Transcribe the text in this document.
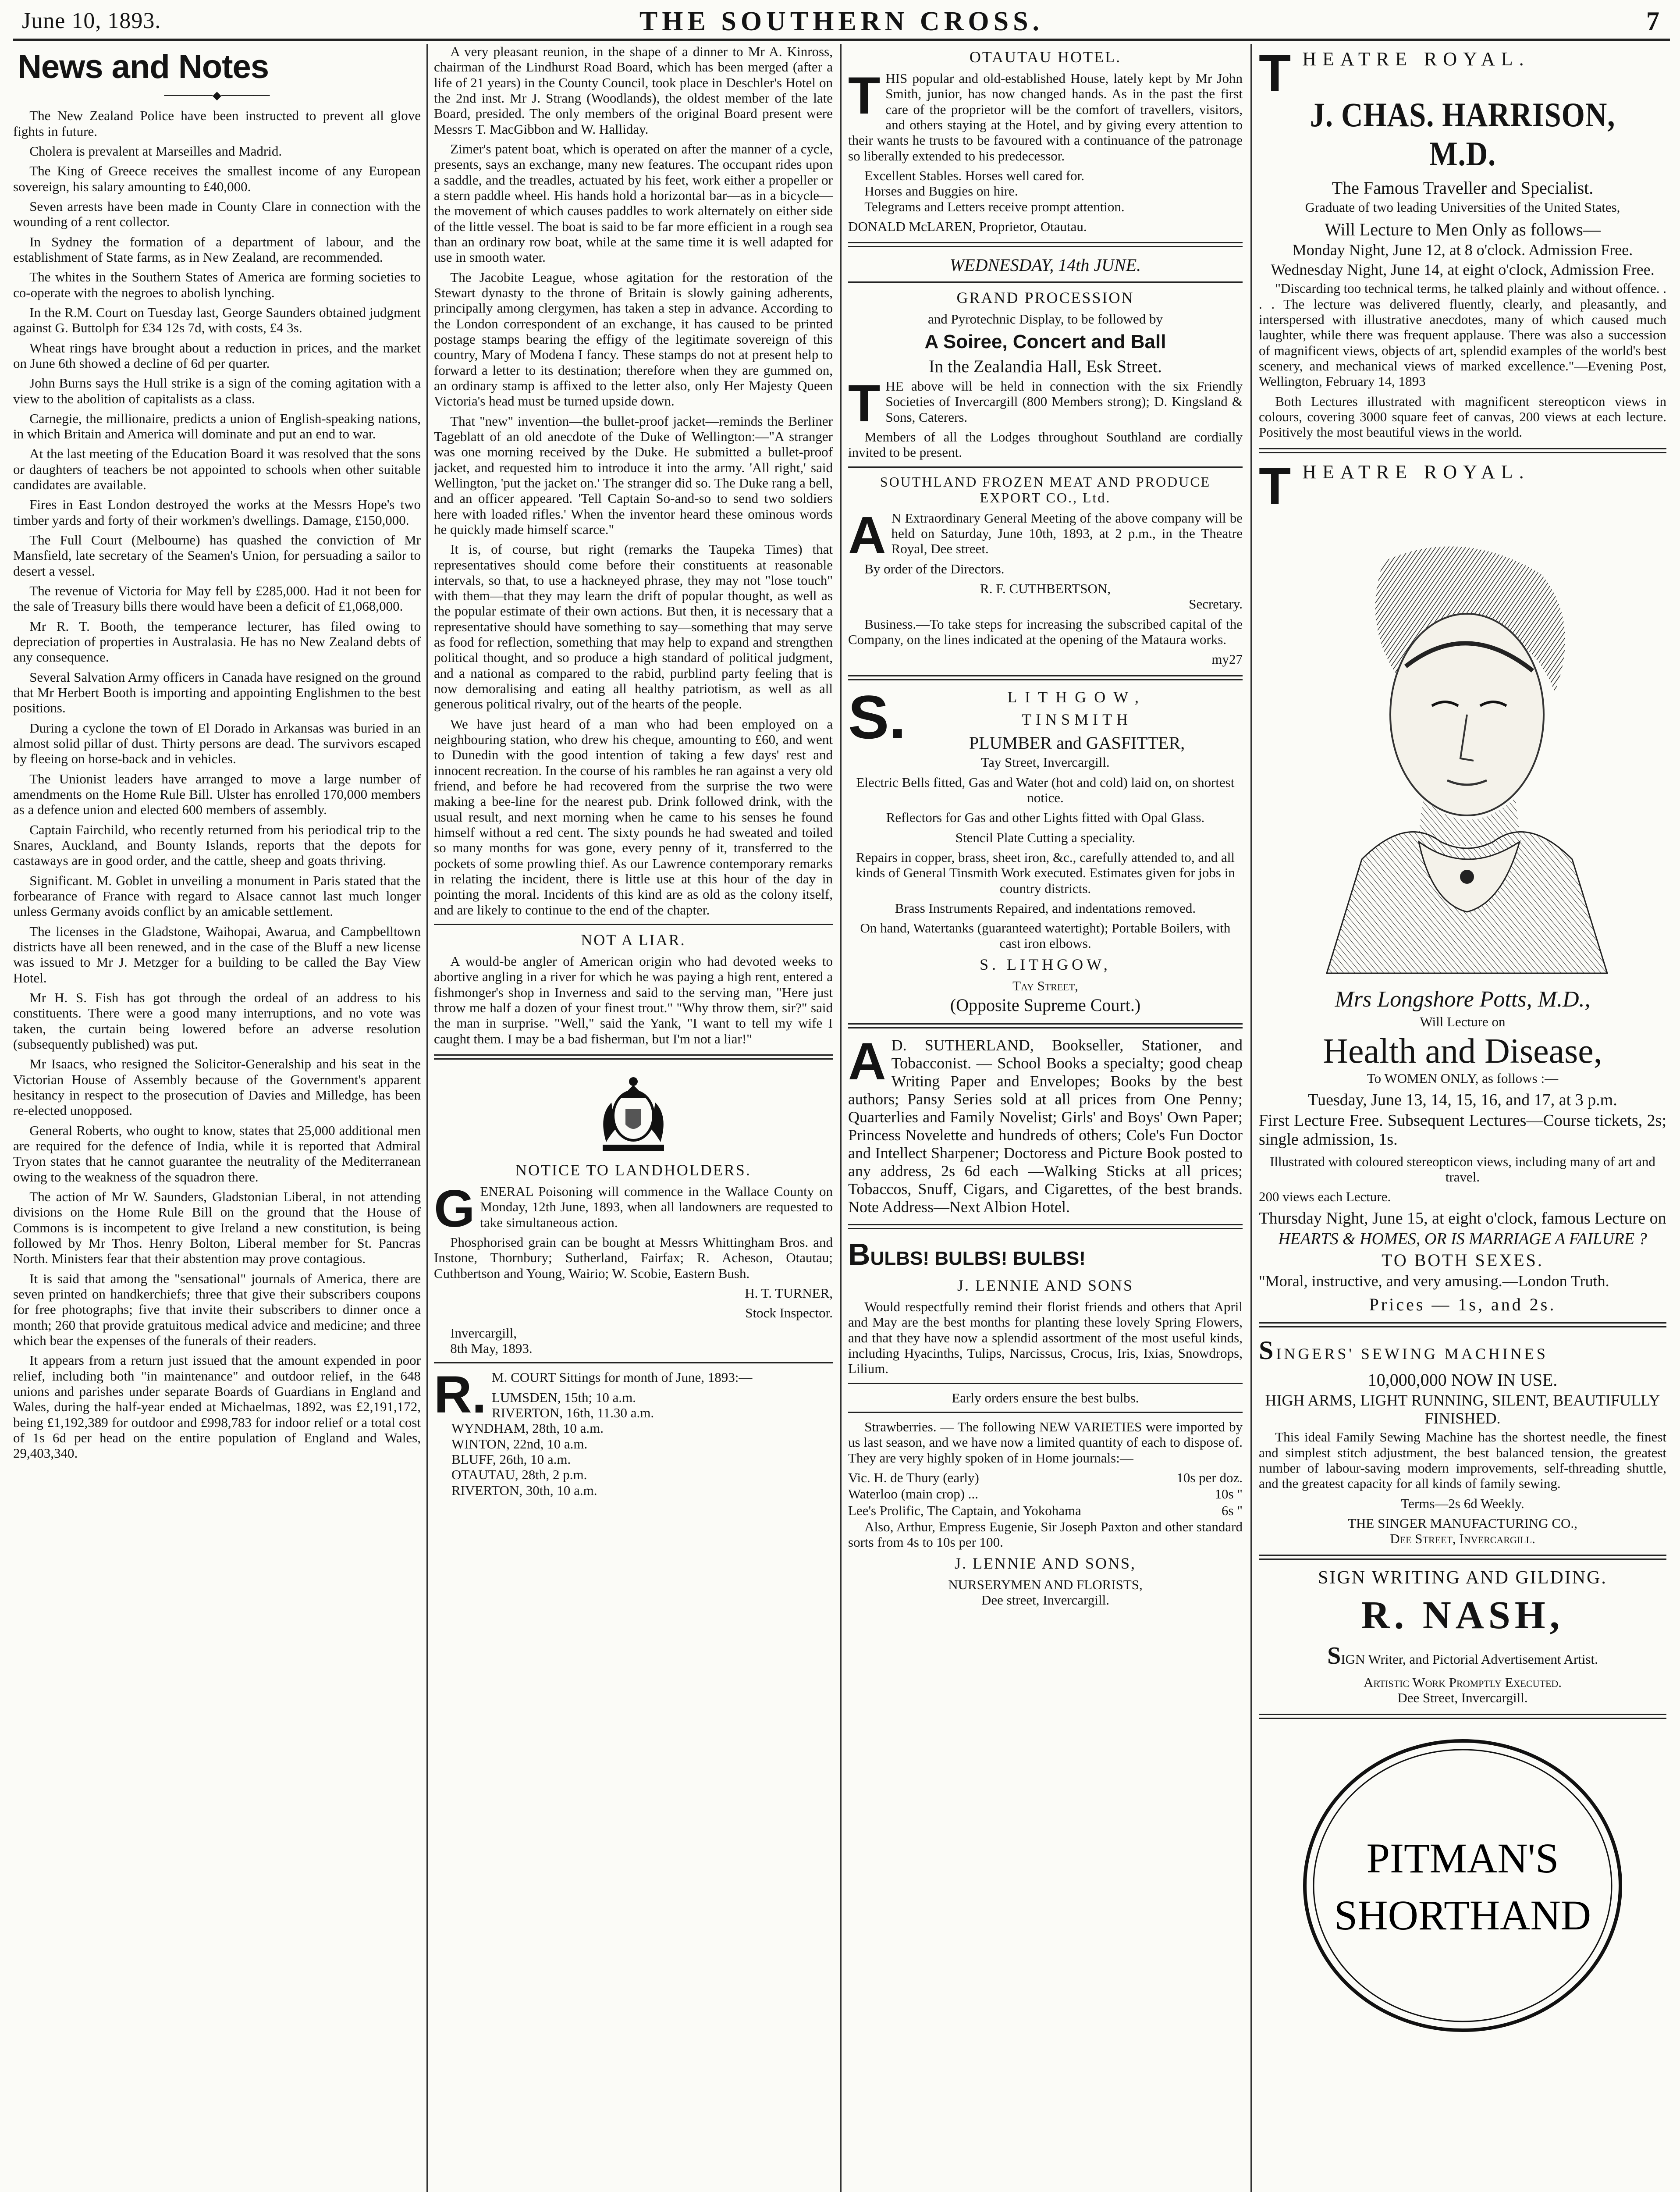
June 10, 1893.	THE SOUTHERN CROSS.	7
News and Notes
──────◆──────

The New Zealand Police have been instructed to prevent all glove fights in future.

Cholera is prevalent at Marseilles and Madrid.

The King of Greece receives the smallest income of any European sovereign, his salary amounting to £40,000.

Seven arrests have been made in County Clare in connection with the wounding of a rent collector.

In Sydney the formation of a department of labour, and the establishment of State farms, as in New Zealand, are recommended.

The whites in the Southern States of America are forming societies to co-operate with the negroes to abolish lynching.

In the R.M. Court on Tuesday last, George Saunders obtained judgment against G. Buttolph for £34 12s 7d, with costs, £4 3s.

Wheat rings have brought about a reduction in prices, and the market on June 6th showed a decline of 6d per quarter.

John Burns says the Hull strike is a sign of the coming agitation with a view to the abolition of capitalists as a class.

Carnegie, the millionaire, predicts a union of English-speaking nations, in which Britain and America will dominate and put an end to war.

At the last meeting of the Education Board it was resolved that the sons or daughters of teachers be not appointed to schools when other suitable candidates are available.

Fires in East London destroyed the works at the Messrs Hope's two timber yards and forty of their workmen's dwellings. Damage, £150,000.

The Full Court (Melbourne) has quashed the conviction of Mr Mansfield, late secretary of the Seamen's Union, for persuading a sailor to desert a vessel.

The revenue of Victoria for May fell by £285,000. Had it not been for the sale of Treasury bills there would have been a deficit of £1,068,000.

Mr R. T. Booth, the temperance lecturer, has filed owing to depreciation of properties in Australasia. He has no New Zealand debts of any consequence.

Several Salvation Army officers in Canada have resigned on the ground that Mr Herbert Booth is importing and appointing Englishmen to the best positions.

During a cyclone the town of El Dorado in Arkansas was buried in an almost solid pillar of dust. Thirty persons are dead. The survivors escaped by fleeing on horse-back and in vehicles.

The Unionist leaders have arranged to move a large number of amendments on the Home Rule Bill. Ulster has enrolled 170,000 members as a defence union and elected 600 members of assembly.

Captain Fairchild, who recently returned from his periodical trip to the Snares, Auckland, and Bounty Islands, reports that the depots for castaways are in good order, and the cattle, sheep and goats thriving.

Significant. M. Goblet in unveiling a monument in Paris stated that the forbearance of France with regard to Alsace cannot last much longer unless Germany avoids conflict by an amicable settlement.

The licenses in the Gladstone, Waihopai, Awarua, and Campbelltown districts have all been renewed, and in the case of the Bluff a new license was issued to Mr J. Metzger for a building to be called the Bay View Hotel.

Mr H. S. Fish has got through the ordeal of an address to his constituents. There were a good many interruptions, and no vote was taken, the curtain being lowered before an adverse resolution (subsequently published) was put.

Mr Isaacs, who resigned the Solicitor-Generalship and his seat in the Victorian House of Assembly because of the Government's apparent hesitancy in respect to the prosecution of Davies and Milledge, has been re-elected unopposed.

General Roberts, who ought to know, states that 25,000 additional men are required for the defence of India, while it is reported that Admiral Tryon states that he cannot guarantee the neutrality of the Mediterranean owing to the weakness of the squadron there.

The action of Mr W. Saunders, Gladstonian Liberal, in not attending divisions on the Home Rule Bill on the ground that the House of Commons is is incompetent to give Ireland a new constitution, is being followed by Mr Thos. Henry Bolton, Liberal member for St. Pancras North. Ministers fear that their abstention may prove contagious.

It is said that among the "sensational" journals of America, there are seven printed on handkerchiefs; three that give their subscribers coupons for free photographs; five that invite their subscribers to dinner once a month; 260 that provide gratuitous medical advice and medicine; and three which bear the expenses of the funerals of their readers.

It appears from a return just issued that the amount expended in poor relief, including both "in maintenance" and outdoor relief, in the 648 unions and parishes under separate Boards of Guardians in England and Wales, during the half-year ended at Michaelmas, 1892, was £2,191,172, being £1,192,389 for outdoor and £998,783 for indoor relief or a total cost of 1s 6d per head on the entire population of England and Wales, 29,403,340.

A very pleasant reunion, in the shape of a dinner to Mr A. Kinross, chairman of the Lindhurst Road Board, which has been merged (after a life of 21 years) in the County Council, took place in Deschler's Hotel on the 2nd inst. Mr J. Strang (Woodlands), the oldest member of the late Board, presided. The only members of the original Board present were Messrs T. MacGibbon and W. Halliday.

Zimer's patent boat, which is operated on after the manner of a cycle, presents, says an exchange, many new features. The occupant rides upon a saddle, and the treadles, actuated by his feet, work either a propeller or a stern paddle wheel. His hands hold a horizontal bar—as in a bicycle—the movement of which causes paddles to work alternately on either side of the little vessel. The boat is said to be far more efficient in a rough sea than an ordinary row boat, while at the same time it is well adapted for use in smooth water.

The Jacobite League, whose agitation for the restoration of the Stewart dynasty to the throne of Britain is slowly gaining adherents, principally among clergymen, has taken a step in advance. According to the London correspondent of an exchange, it has caused to be printed postage stamps bearing the effigy of the legitimate sovereign of this country, Mary of Modena I fancy. These stamps do not at present help to forward a letter to its destination; therefore when they are gummed on, an ordinary stamp is affixed to the letter also, only Her Majesty Queen Victoria's head must be turned upside down.

That "new" invention—the bullet-proof jacket—reminds the Berliner Tageblatt of an old anecdote of the Duke of Wellington:—"A stranger was one morning received by the Duke. He submitted a bullet-proof jacket, and requested him to introduce it into the army. 'All right,' said Wellington, 'put the jacket on.' The stranger did so. The Duke rang a bell, and an officer appeared. 'Tell Captain So-and-so to send two soldiers here with loaded rifles.' When the inventor heard these ominous words he quickly made himself scarce."

It is, of course, but right (remarks the Taupeka Times) that representatives should come before their constituents at reasonable intervals, so that, to use a hackneyed phrase, they may not "lose touch" with them—that they may learn the drift of popular thought, as well as the popular estimate of their own actions. But then, it is necessary that a representative should have something to say—something that may serve as food for reflection, something that may help to expand and strengthen political thought, and so produce a high standard of political judgment, and a national as compared to the rabid, purblind party feeling that is now demoralising and eating all healthy patriotism, as well as all generous political rivalry, out of the hearts of the people.

We have just heard of a man who had been employed on a neighbouring station, who drew his cheque, amounting to £60, and went to Dunedin with the good intention of taking a few days' rest and innocent recreation. In the course of his rambles he ran against a very old friend, and before he had recovered from the surprise the two were making a bee-line for the nearest pub. Drink followed drink, with the usual result, and next morning when he came to his senses he found himself without a red cent. The sixty pounds he had sweated and toiled so many months for was gone, every penny of it, transferred to the pockets of some prowling thief. As our Lawrence contemporary remarks in relating the incident, there is little use at this hour of the day in pointing the moral. Incidents of this kind are as old as the colony itself, and are likely to continue to the end of the chapter.

NOT A LIAR.

A would-be angler of American origin who had devoted weeks to abortive angling in a river for which he was paying a high rent, entered a fishmonger's shop in Inverness and said to the serving man, "Here just throw me half a dozen of your finest trout." "Why throw them, sir?" said the man in surprise. "Well," said the Yank, "I want to tell my wife I caught them. I may be a bad fisherman, but I'm not a liar!"

NOTICE TO LANDHOLDERS.

GENERAL Poisoning will commence in the Wallace County on Monday, 12th June, 1893, when all landowners are requested to take simultaneous action.

Phosphorised grain can be bought at Messrs Whittingham Bros. and Instone, Thornbury; Sutherland, Fairfax; R. Acheson, Otautau; Cuthbertson and Young, Wairio; W. Scobie, Eastern Bush.

H. T. TURNER,

Stock Inspector.

Invercargill,

8th May, 1893.

R. M. COURT Sittings for month of June, 1893:—

LUMSDEN, 15th; 10 a.m.
RIVERTON, 16th, 11.30 a.m.
WYNDHAM, 28th, 10 a.m.
WINTON, 22nd, 10 a.m.
BLUFF, 26th, 10 a.m.
OTAUTAU, 28th, 2 p.m.
RIVERTON, 30th, 10 a.m.
OTAUTAU HOTEL.

THIS popular and old-established House, lately kept by Mr John Smith, junior, has now changed hands. As in the past the first care of the proprietor will be the comfort of travellers, visitors, and others staying at the Hotel, and by giving every attention to their wants he trusts to be favoured with a continuance of the patronage so liberally extended to his predecessor.

Excellent Stables. Horses well cared for.

Horses and Buggies on hire.

Telegrams and Letters receive prompt attention.

DONALD McLAREN, Proprietor, Otautau.

WEDNESDAY, 14th JUNE.
GRAND PROCESSION

and Pyrotechnic Display, to be followed by

A Soiree, Concert and Ball
In the Zealandia Hall, Esk Street.

THE above will be held in connection with the six Friendly Societies of Invercargill (800 Members strong); D. Kingsland & Sons, Caterers.

Members of all the Lodges throughout Southland are cordially invited to be present.

SOUTHLAND FROZEN MEAT AND PRODUCE EXPORT CO., Ltd.

A N Extraordinary General Meeting of the above company will be held on Saturday, June 10th, 1893, at 2 p.m., in the Theatre Royal, Dee street.

By order of the Directors.

R. F. CUTHBERTSON,

Secretary.

Business.—To take steps for increasing the subscribed capital of the Company, on the lines indicated at the opening of the Mataura works.

my27

S.	LITHGOW,
TINSMITH
PLUMBER and GASFITTER,

Tay Street, Invercargill.

Electric Bells fitted, Gas and Water (hot and cold) laid on, on shortest notice.

Reflectors for Gas and other Lights fitted with Opal Glass.

Stencil Plate Cutting a speciality.

Repairs in copper, brass, sheet iron, &c., carefully attended to, and all kinds of General Tinsmith Work executed. Estimates given for jobs in country districts.

Brass Instruments Repaired, and indentations removed.

On hand, Watertanks (guaranteed watertight); Portable Boilers, with cast iron elbows.

S. LITHGOW,

Tay Street,

(Opposite Supreme Court.)

A D. SUTHERLAND, Bookseller, Stationer, and Tobacconist. — School Books a specialty; good cheap Writing Paper and Envelopes; Books by the best authors; Pansy Series sold at all prices from One Penny; Quarterlies and Family Novelist; Girls' and Boys' Own Paper; Princess Novelette and hundreds of others; Cole's Fun Doctor and Intellect Sharpener; Doctoress and Picture Book posted to any address, 2s 6d each —Walking Sticks at all prices; Tobaccos, Snuff, Cigars, and Cigarettes, of the best brands. Note Address—Next Albion Hotel.

BULBS! BULBS! BULBS!
J. LENNIE AND SONS

Would respectfully remind their florist friends and others that April and May are the best months for planting these lovely Spring Flowers, and that they have now a splendid assortment of the most useful kinds, including Hyacinths, Tulips, Narcissus, Crocus, Iris, Ixias, Snowdrops, Lilium.

Early orders ensure the best bulbs.

Strawberries. — The following NEW VARIETIES were imported by us last season, and we have now a limited quantity of each to dispose of. They are very highly spoken of in Home journals:—

Vic. H. de Thury (early)	10s per doz.
Waterloo (main crop) ...	10s "
Lee's Prolific, The Captain, and Yokohama	6s "

Also, Arthur, Empress Eugenie, Sir Joseph Paxton and other standard sorts from 4s to 10s per 100.

J. LENNIE AND SONS,

NURSERYMEN AND FLORISTS,

Dee street, Invercargill.

THEATRE ROYAL.
J. CHAS. HARRISON, M.D.
The Famous Traveller and Specialist.

Graduate of two leading Universities of the United States,

Will Lecture to Men Only as follows—
Monday Night, June 12, at 8 o'clock. Admission Free.
Wednesday Night, June 14, at eight o'clock, Admission Free.

"Discarding too technical terms, he talked plainly and without offence. . . . The lecture was delivered fluently, clearly, and pleasantly, and interspersed with illustrative anecdotes, many of which caused much laughter, while there was frequent applause. There was also a succession of magnificent views, objects of art, splendid examples of the world's best scenery, and mechanical views of marked excellence."—Evening Post, Wellington, February 14, 1893

Both Lectures illustrated with magnificent stereopticon views in colours, covering 3000 square feet of canvas, 200 views at each lecture. Positively the most beautiful views in the world.

THEATRE ROYAL.
Mrs Longshore Potts, M.D.,

Will Lecture on

Health and Disease,

To WOMEN ONLY, as follows :—

Tuesday, June 13, 14, 15, 16, and 17, at 3 p.m.

First Lecture Free. Subsequent Lectures—Course tickets, 2s; single admission, 1s.

Illustrated with coloured stereopticon views, including many of art and travel.

200 views each Lecture.

Thursday Night, June 15, at eight o'clock, famous Lecture on
HEARTS & HOMES, OR IS MARRIAGE A FAILURE ?
TO BOTH SEXES.

"Moral, instructive, and very amusing.—London Truth.

Prices — 1s, and 2s.
SINGERS' SEWING MACHINES
10,000,000 NOW IN USE.
HIGH ARMS, LIGHT RUNNING, SILENT, BEAUTIFULLY FINISHED.

This ideal Family Sewing Machine has the shortest needle, the finest and simplest stitch adjustment, the best balanced tension, the greatest number of labour-saving modern improvements, self-threading shuttle, and the greatest capacity for all kinds of family sewing.

Terms—2s 6d Weekly.

THE SINGER MANUFACTURING CO.,

Dee Street, Invercargill.

SIGN WRITING AND GILDING.
R. NASH,

SIGN Writer, and Pictorial Advertisement Artist.

Artistic Work Promptly Executed.

Dee Street, Invercargill.

PITMAN'S
SHORTHAND
